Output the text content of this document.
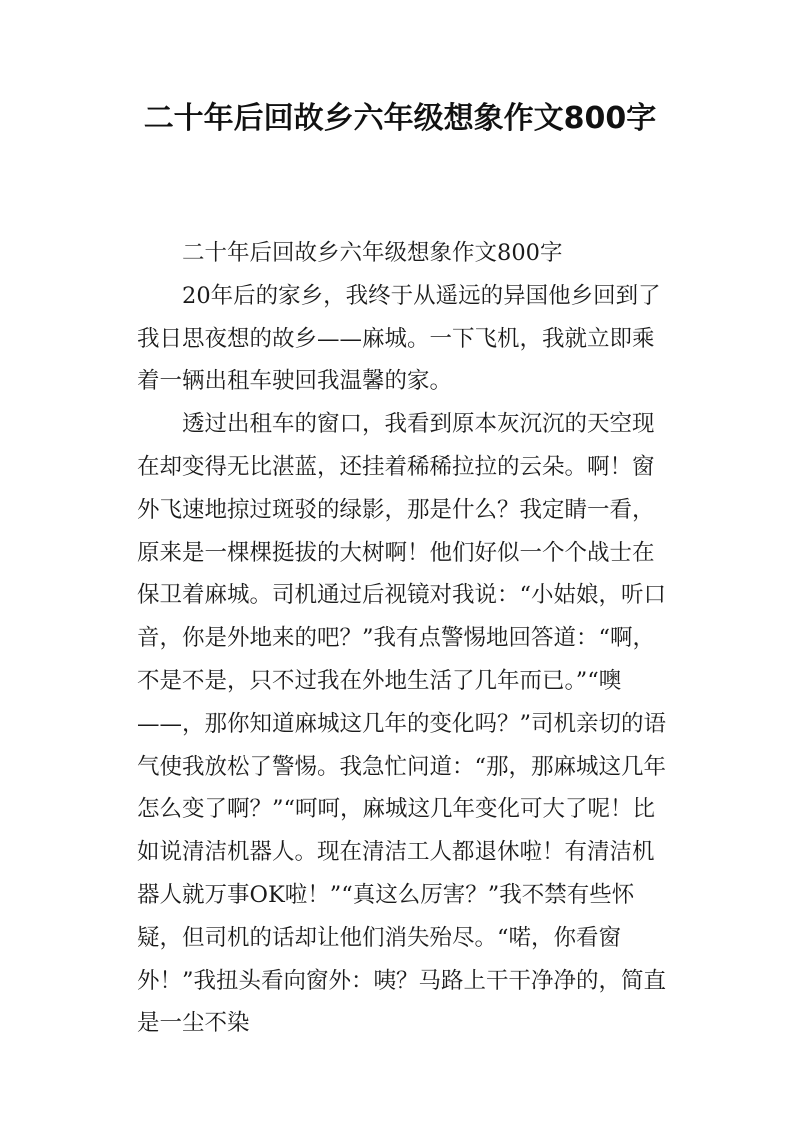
二十年后回故乡六年级想象作文800字

二十年后回故乡六年级想象作文800字

20年后的家乡，我终于从遥远的异国他乡回到了我日思夜想的故乡——麻城。一下飞机，我就立即乘着一辆出租车驶回我温馨的家。

透过出租车的窗口，我看到原本灰沉沉的天空现在却变得无比湛蓝，还挂着稀稀拉拉的云朵。啊！窗外飞速地掠过斑驳的绿影，那是什么？我定睛一看，原来是一棵棵挺拔的大树啊！他们好似一个个战士在保卫着麻城。司机通过后视镜对我说：“小姑娘，听口音，你是外地来的吧？”我有点警惕地回答道：“啊，不是不是，只不过我在外地生活了几年而已。”“噢——，那你知道麻城这几年的变化吗？”司机亲切的语气使我放松了警惕。我急忙问道：“那，那麻城这几年怎么变了啊？”“呵呵，麻城这几年变化可大了呢！比如说清洁机器人。现在清洁工人都退休啦！有清洁机器人就万事OK啦！”“真这么厉害？”我不禁有些怀疑，但司机的话却让他们消失殆尽。“喏，你看窗外！”我扭头看向窗外：咦？马路上干干净净的，简直是一尘不染
